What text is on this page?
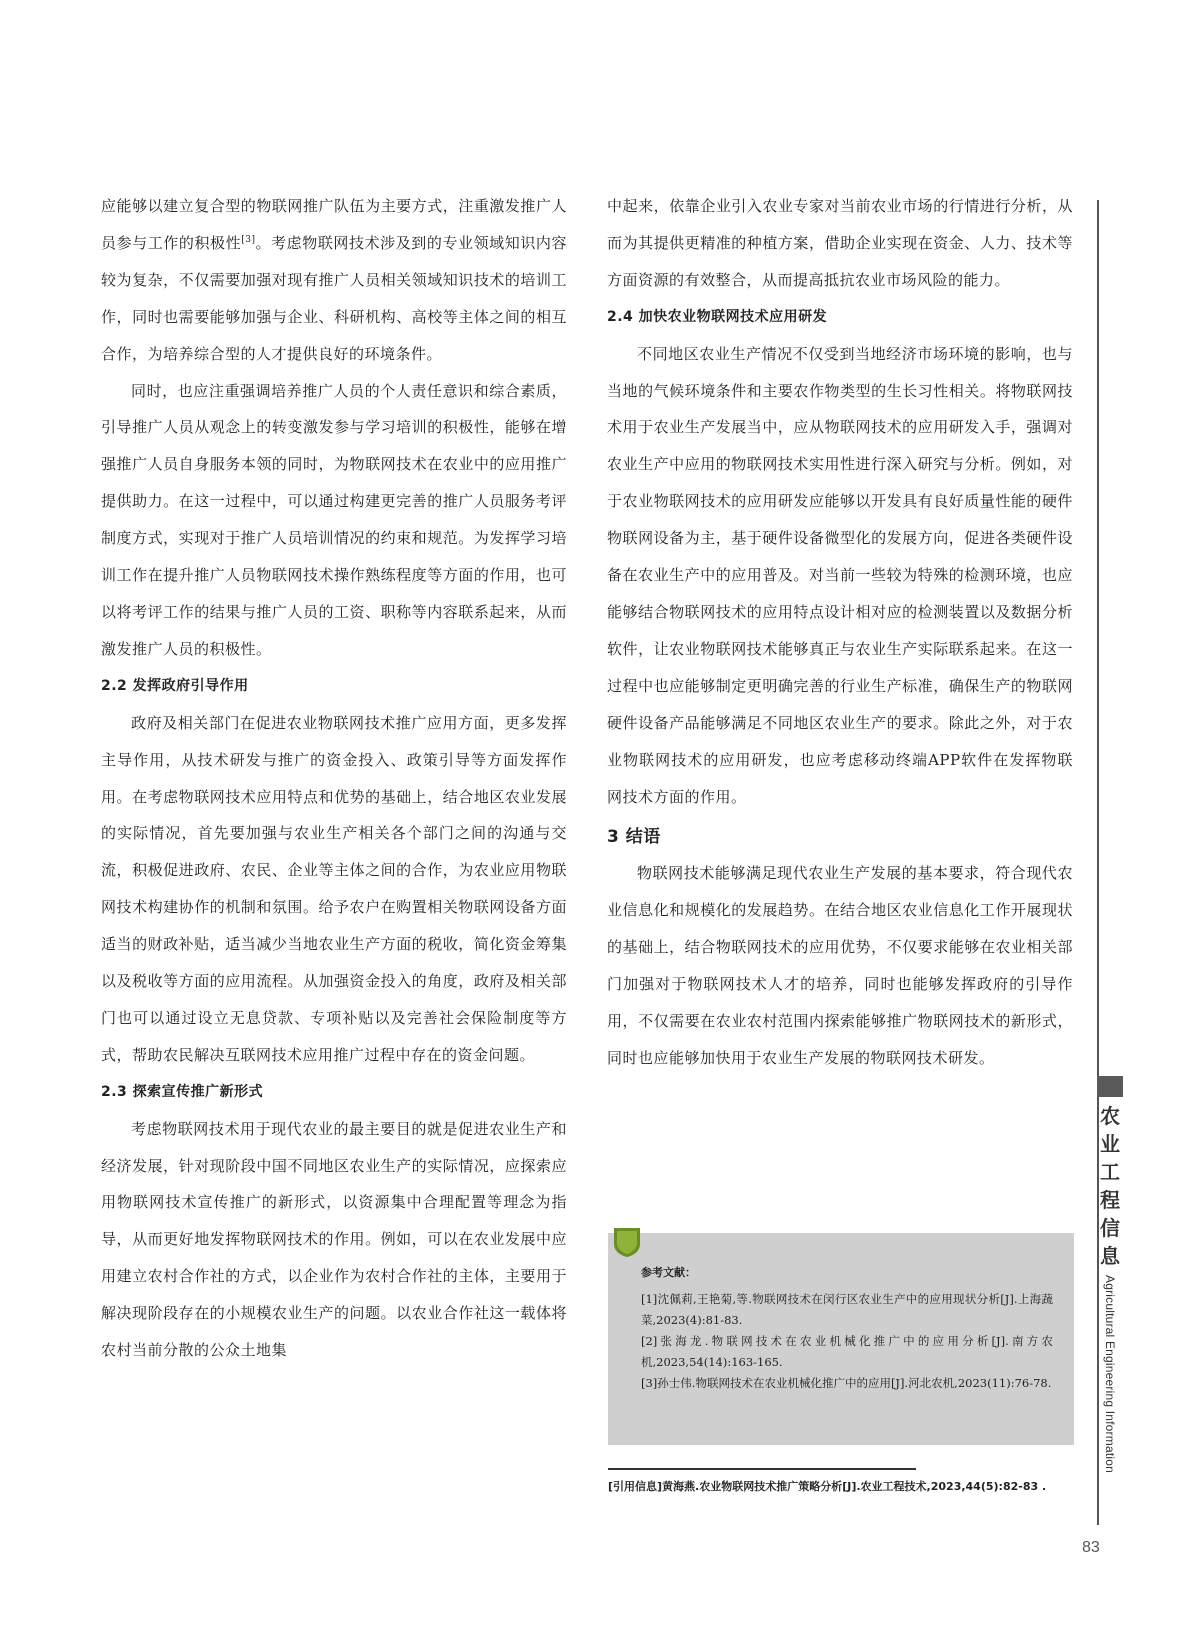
应能够以建立复合型的物联网推广队伍为主要方式，注重激发推广人员参与工作的积极性[3]。考虑物联网技术涉及到的专业领域知识内容较为复杂，不仅需要加强对现有推广人员相关领域知识技术的培训工作，同时也需要能够加强与企业、科研机构、高校等主体之间的相互合作，为培养综合型的人才提供良好的环境条件。

同时，也应注重强调培养推广人员的个人责任意识和综合素质，引导推广人员从观念上的转变激发参与学习培训的积极性，能够在增强推广人员自身服务本领的同时，为物联网技术在农业中的应用推广提供助力。在这一过程中，可以通过构建更完善的推广人员服务考评制度方式，实现对于推广人员培训情况的约束和规范。为发挥学习培训工作在提升推广人员物联网技术操作熟练程度等方面的作用，也可以将考评工作的结果与推广人员的工资、职称等内容联系起来，从而激发推广人员的积极性。

2.2 发挥政府引导作用

政府及相关部门在促进农业物联网技术推广应用方面，更多发挥主导作用，从技术研发与推广的资金投入、政策引导等方面发挥作用。在考虑物联网技术应用特点和优势的基础上，结合地区农业发展的实际情况，首先要加强与农业生产相关各个部门之间的沟通与交流，积极促进政府、农民、企业等主体之间的合作，为农业应用物联网技术构建协作的机制和氛围。给予农户在购置相关物联网设备方面适当的财政补贴，适当减少当地农业生产方面的税收，简化资金筹集以及税收等方面的应用流程。从加强资金投入的角度，政府及相关部门也可以通过设立无息贷款、专项补贴以及完善社会保险制度等方式，帮助农民解决互联网技术应用推广过程中存在的资金问题。

2.3 探索宣传推广新形式

考虑物联网技术用于现代农业的最主要目的就是促进农业生产和经济发展，针对现阶段中国不同地区农业生产的实际情况，应探索应用物联网技术宣传推广的新形式，以资源集中合理配置等理念为指导，从而更好地发挥物联网技术的作用。例如，可以在农业发展中应用建立农村合作社的方式，以企业作为农村合作社的主体，主要用于解决现阶段存在的小规模农业生产的问题。以农业合作社这一载体将农村当前分散的公众土地集

中起来，依靠企业引入农业专家对当前农业市场的行情进行分析，从而为其提供更精准的种植方案，借助企业实现在资金、人力、技术等方面资源的有效整合，从而提高抵抗农业市场风险的能力。

2.4 加快农业物联网技术应用研发

不同地区农业生产情况不仅受到当地经济市场环境的影响，也与当地的气候环境条件和主要农作物类型的生长习性相关。将物联网技术用于农业生产发展当中，应从物联网技术的应用研发入手，强调对农业生产中应用的物联网技术实用性进行深入研究与分析。例如，对于农业物联网技术的应用研发应能够以开发具有良好质量性能的硬件物联网设备为主，基于硬件设备微型化的发展方向，促进各类硬件设备在农业生产中的应用普及。对当前一些较为特殊的检测环境，也应能够结合物联网技术的应用特点设计相对应的检测装置以及数据分析软件，让农业物联网技术能够真正与农业生产实际联系起来。在这一过程中也应能够制定更明确完善的行业生产标准，确保生产的物联网硬件设备产品能够满足不同地区农业生产的要求。除此之外，对于农业物联网技术的应用研发，也应考虑移动终端APP软件在发挥物联网技术方面的作用。

3 结语

物联网技术能够满足现代农业生产发展的基本要求，符合现代农业信息化和规模化的发展趋势。在结合地区农业信息化工作开展现状的基础上，结合物联网技术的应用优势，不仅要求能够在农业相关部门加强对于物联网技术人才的培养，同时也能够发挥政府的引导作用，不仅需要在农业农村范围内探索能够推广物联网技术的新形式，同时也应能够加快用于农业生产发展的物联网技术研发。

参考文献：

[1]沈佩莉,王艳菊,等.物联网技术在闵行区农业生产中的应用现状分析[J].上海蔬菜,2023(4):81-83.

[2]张海龙.物联网技术在农业机械化推广中的应用分析[J].南方农机,2023,54(14):163-165.

[3]孙士伟.物联网技术在农业机械化推广中的应用[J].河北农机,2023(11):76-78.

[引用信息]黄海燕.农业物联网技术推广策略分析[J].农业工程技术,2023,44(5):82-83 .
农业工程信息
Agricultural Engineering Information
83
